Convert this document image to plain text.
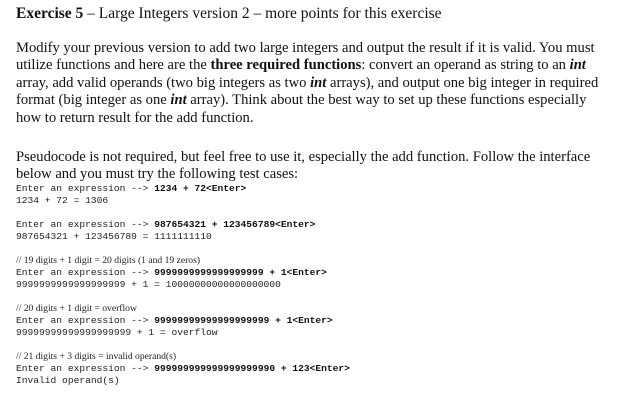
Exercise 5 – Large Integers version 2 – more points for this exercise
Modify your previous version to add two large integers and output the result if it is valid. You must utilize functions and here are the three required functions: convert an operand as string to an int array, add valid operands (two big integers as two int arrays), and output one big integer in required format (big integer as one int array). Think about the best way to set up these functions especially how to return result for the add function.
Pseudocode is not required, but feel free to use it, especially the add function. Follow the interface below and you must try the following test cases:
Enter an expression --> 1234 + 72<Enter>
1234 + 72 = 1306
Enter an expression --> 987654321 + 123456789<Enter>
987654321 + 123456789 = 1111111110
// 19 digits + 1 digit = 20 digits (1 and 19 zeros)
Enter an expression --> 9999999999999999999 + 1<Enter>
9999999999999999999 + 1 = 10000000000000000000
// 20 digits + 1 digit = overflow
Enter an expression --> 99999999999999999999 + 1<Enter>
99999999999999999999 + 1 = overflow
// 21 digits + 3 digits = invalid operand(s)
Enter an expression --> 999999999999999999990 + 123<Enter>
Invalid operand(s)
